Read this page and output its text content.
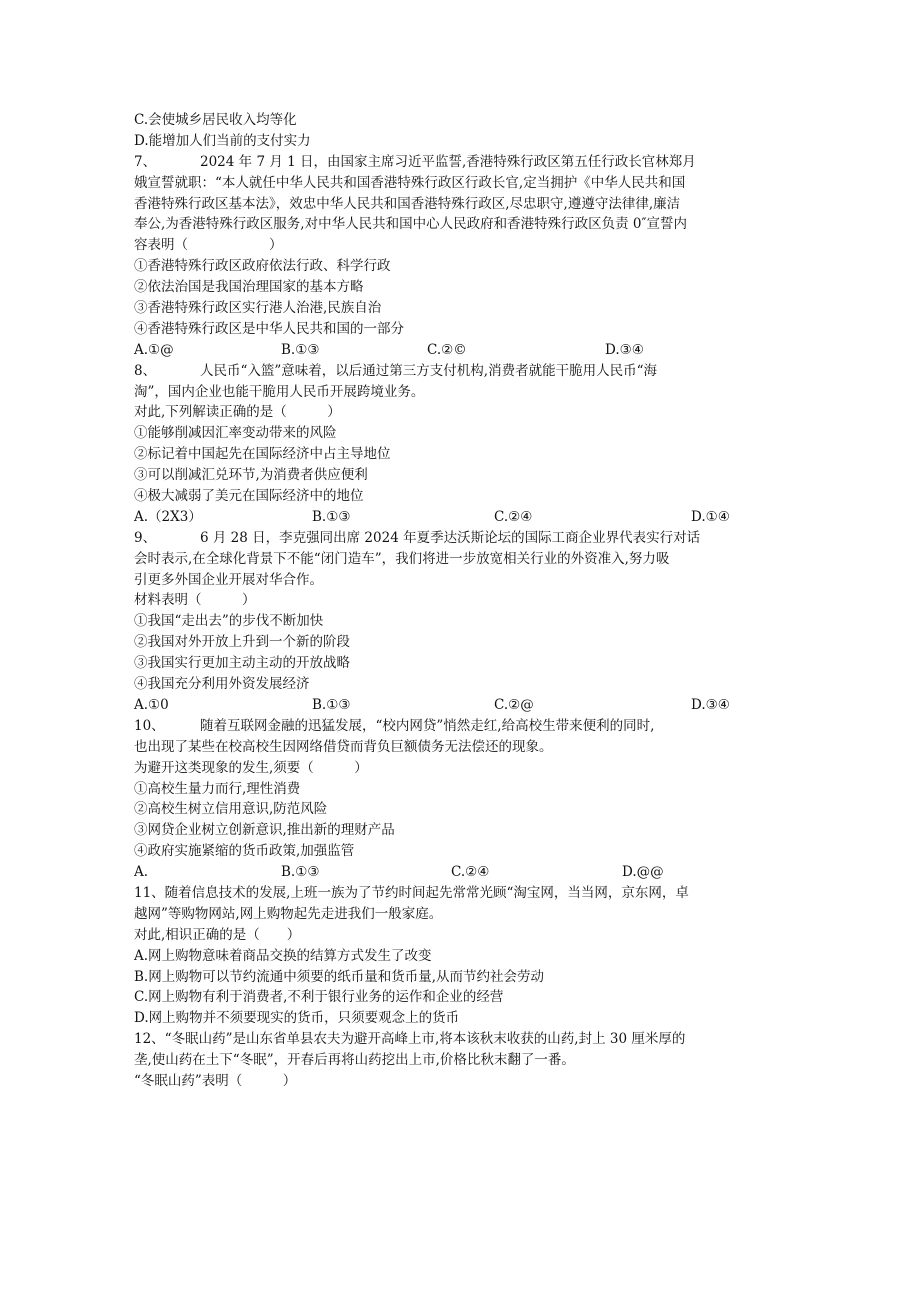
C.会使城乡居民收入均等化
D.能增加人们当前的支付实力
7、	2024 年 7 月 1 日，由国家主席习近平监誓,香港特殊行政区第五任行政长官林郑月
娥宣誓就职：“本人就任中华人民共和国香港特殊行政区行政长官,定当拥护《中华人民共和国
香港特殊行政区基本法》，效忠中华人民共和国香港特殊行政区,尽忠职守,遵遵守法律律,廉洁
奉公,为香港特殊行政区服务,对中华人民共和国中心人民政府和香港特殊行政区负责 0″宣誓内
容表明（　　　　　　）
①香港特殊行政区政府依法行政、科学行政
②依法治国是我国治理国家的基本方略
③香港特殊行政区实行港人治港,民族自治
④香港特殊行政区是中华人民共和国的一部分
A.①@	B.①③	C.②©	D.③④
8、	人民币“入篮”意味着，以后通过第三方支付机构,消费者就能干脆用人民币“海
淘”，国内企业也能干脆用人民币开展跨境业务。
对此,下列解读正确的是（　　　）
①能够削减因汇率变动带来的风险
②标记着中国起先在国际经济中占主导地位
③可以削减汇兑环节,为消费者供应便利
④极大减弱了美元在国际经济中的地位
A.（2X3）	B.①③	C.②④	D.①④
9、	6 月 28 日，李克强同出席 2024 年夏季达沃斯论坛的国际工商企业界代表实行对话
会时表示,在全球化背景下不能“闭门造车”，我们将进一步放宽相关行业的外资准入,努力吸
引更多外国企业开展对华合作。
材料表明（　　　）
①我国“走出去”的步伐不断加快
②我国对外开放上升到一个新的阶段
③我国实行更加主动主动的开放战略
④我国充分利用外资发展经济
A.①0	B.①③	C.②@	D.③④
10、	随着互联网金融的迅猛发展，“校内网贷”悄然走红,给高校生带来便利的同时,
也出现了某些在校高校生因网络借贷而背负巨额债务无法偿还的现象。
为避开这类现象的发生,须要（　　　）
①高校生量力而行,理性消费
②高校生树立信用意识,防范风险
③网贷企业树立创新意识,推出新的理财产品
④政府实施紧缩的货币政策,加强监管
A.	B.①③	C.②④	D.@@
11、随着信息技术的发展,上班一族为了节约时间起先常常光顾“淘宝网，当当网，京东网，卓
越网”等购物网站,网上购物起先走进我们一般家庭。
对此,相识正确的是（　　）
A.网上购物意味着商品交换的结算方式发生了改变
B.网上购物可以节约流通中须要的纸币量和货币量,从而节约社会劳动
C.网上购物有利于消费者,不利于银行业务的运作和企业的经营
D.网上购物并不须要现实的货币，只须要观念上的货币
12、“冬眠山药”是山东省单县农夫为避开高峰上市,将本该秋末收获的山药,封上 30 厘米厚的
垄,使山药在土下“冬眠”，开春后再将山药挖出上市,价格比秋末翻了一番。
“冬眠山药”表明（　　　）
